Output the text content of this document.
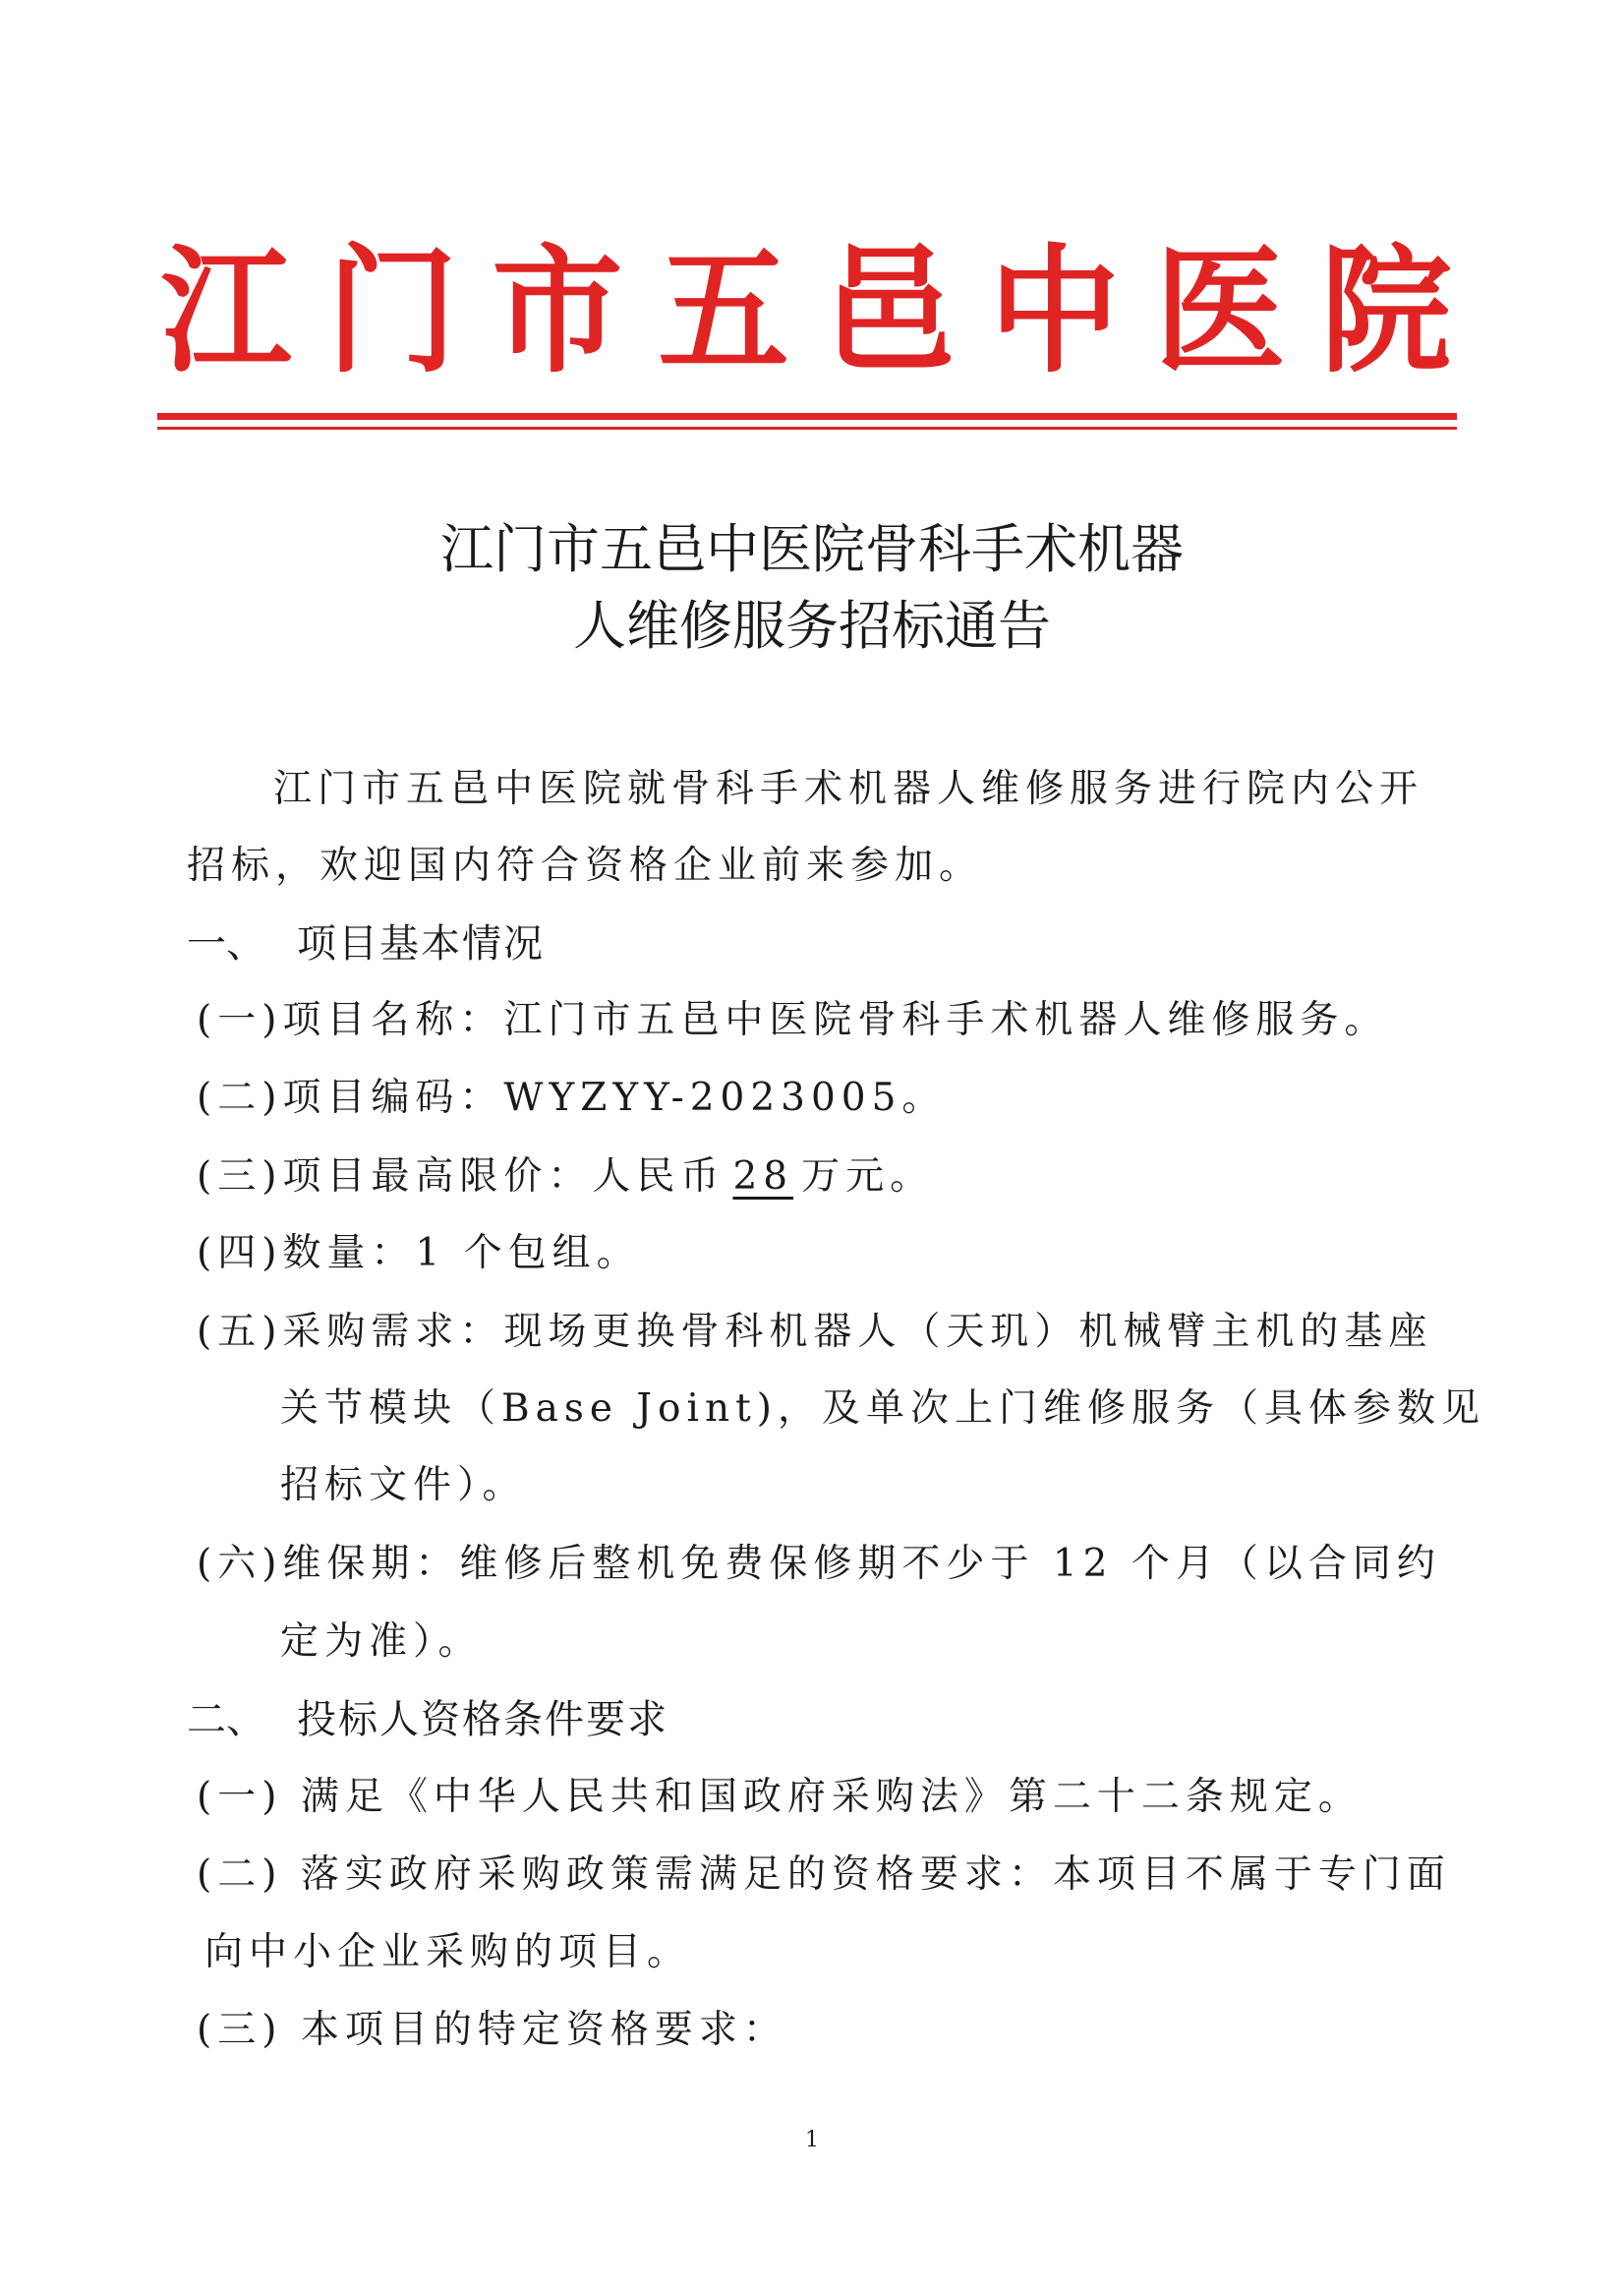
江 门 市 五 邑 中 医 院
江门市五邑中医院骨科手术机器
人维修服务招标通告
江门市五邑中医院就骨科手术机器人维修服务进行院内公开
招标，欢迎国内符合资格企业前来参加。
一、 项目基本情况
(一)项目名称：江门市五邑中医院骨科手术机器人维修服务。
(二)项目编码：WYZYY-2023005。
(三)项目最高限价：人民币 28 万元。
(四)数量：1 个包组。
(五)采购需求：现场更换骨科机器人（天玑）机械臂主机的基座
关节模块（Base Joint)，及单次上门维修服务（具体参数见
招标文件）。
(六)维保期：维修后整机免费保修期不少于 12 个月（以合同约
定为准）。
二、 投标人资格条件要求
(一) 满足《中华人民共和国政府采购法》第二十二条规定。
(二) 落实政府采购政策需满足的资格要求：本项目不属于专门面
向中小企业采购的项目。
(三) 本项目的特定资格要求：
1
